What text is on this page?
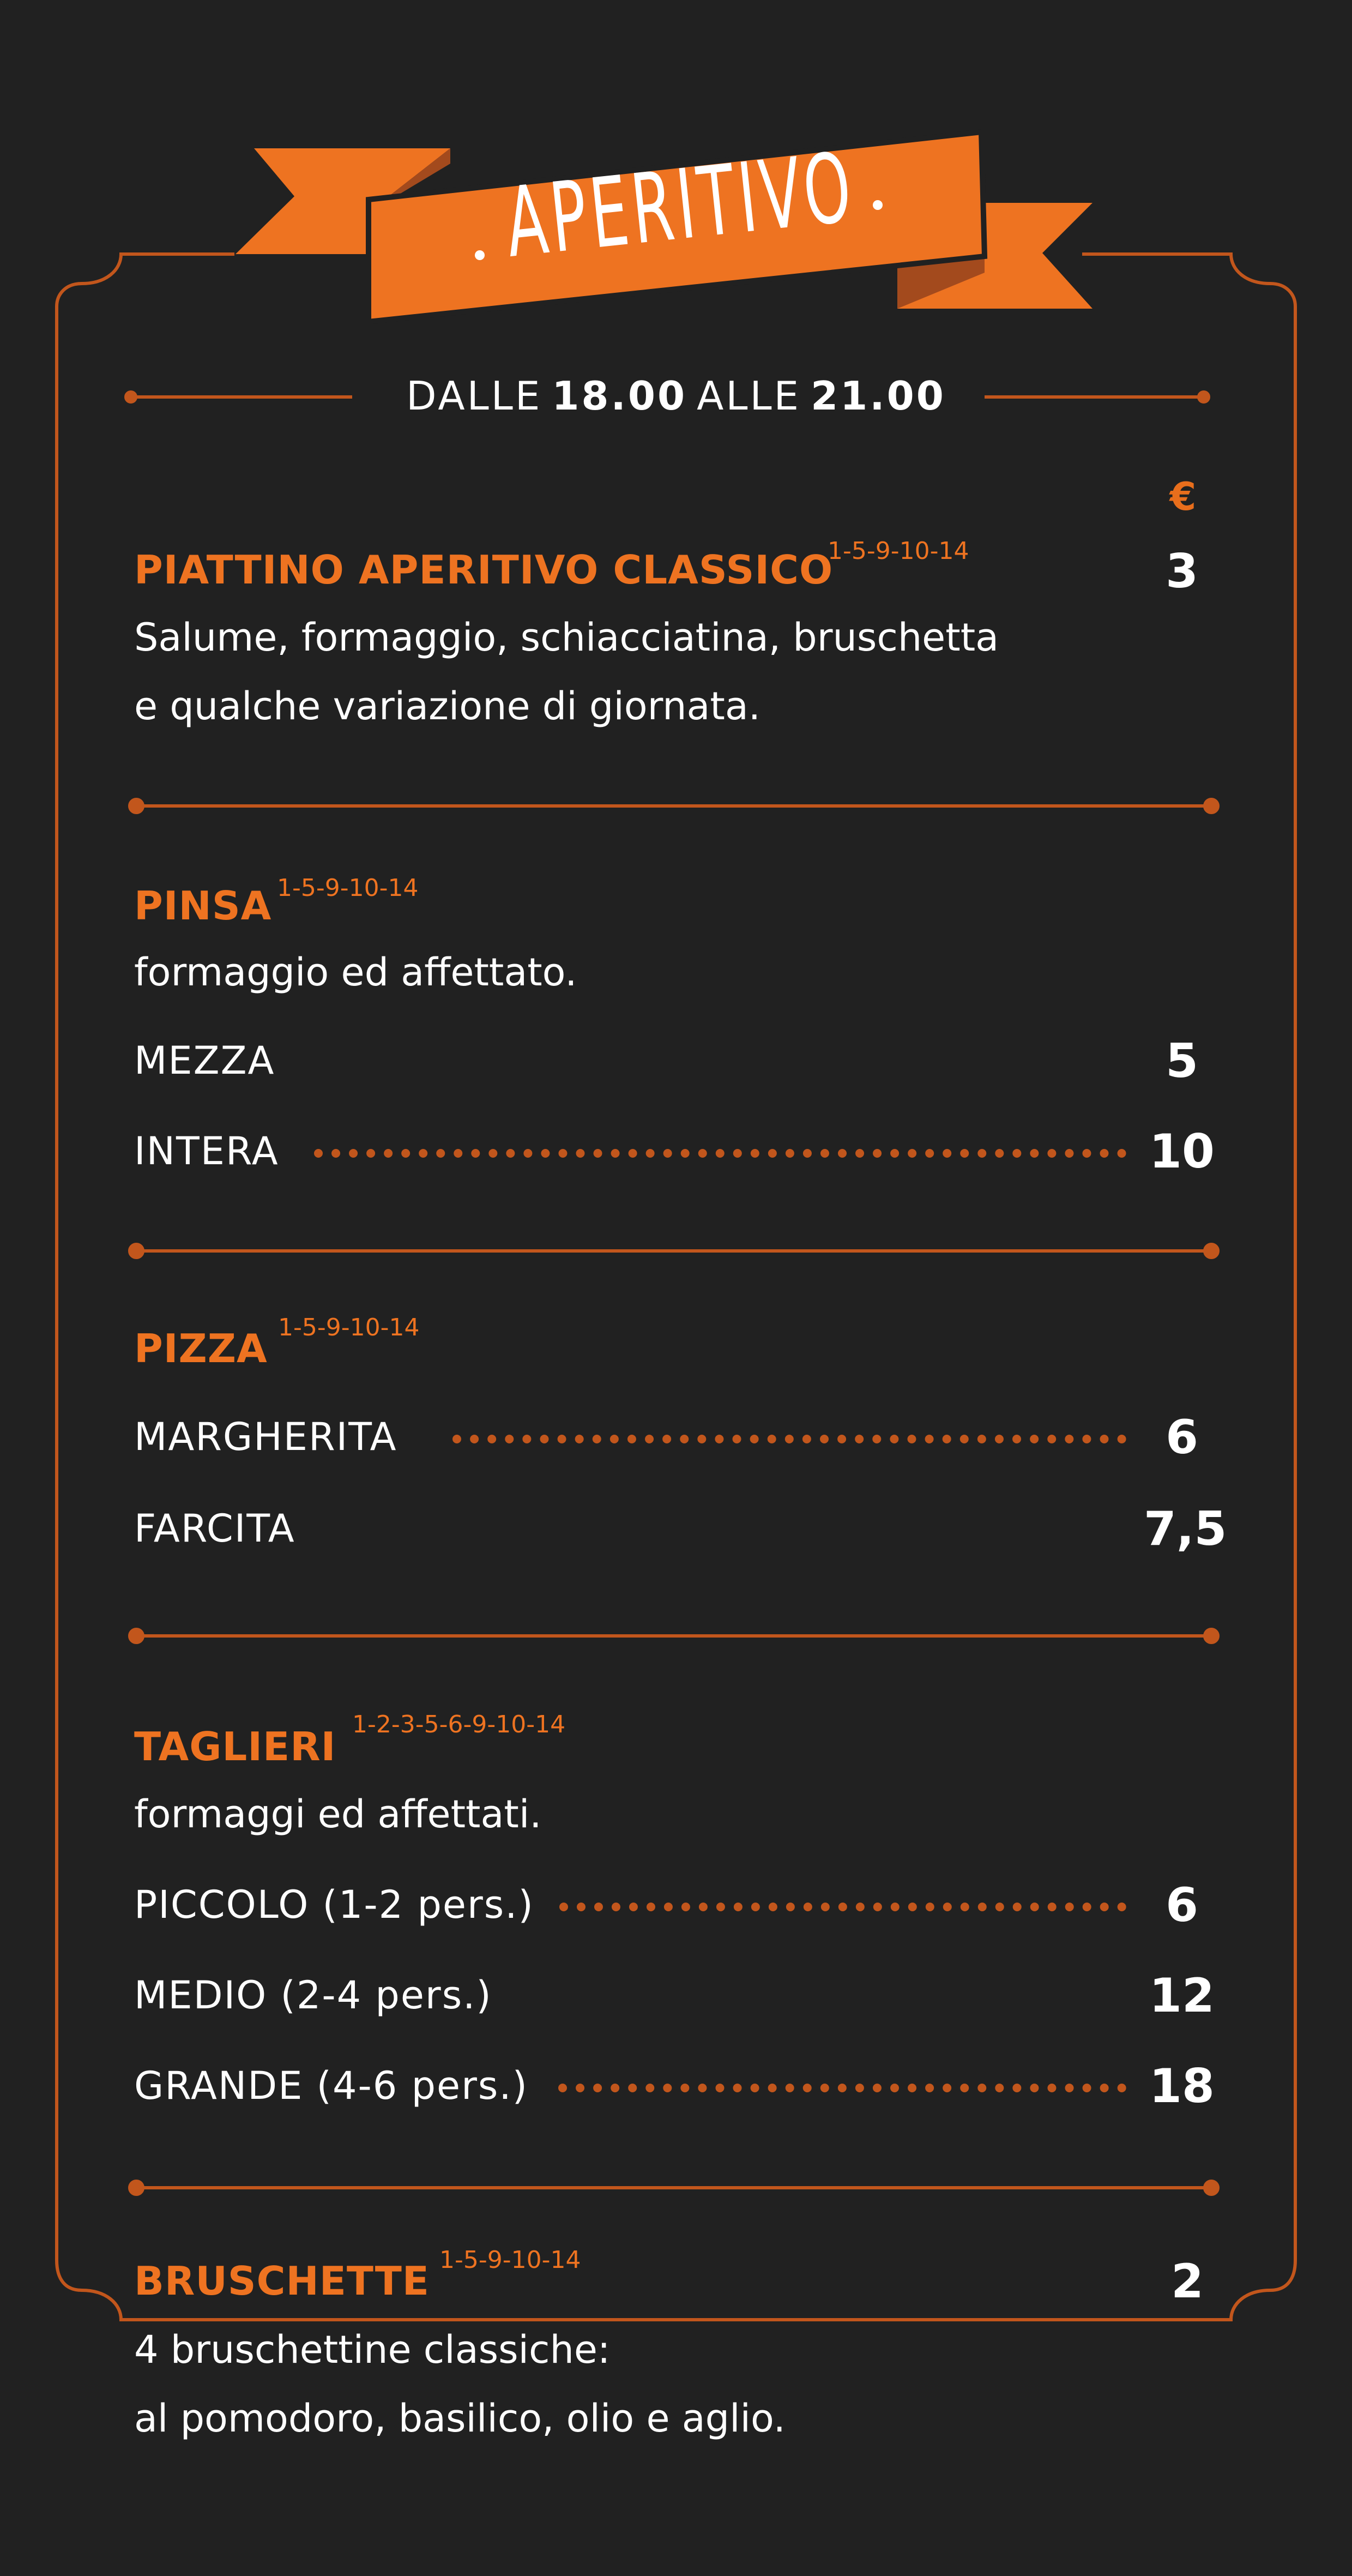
APERITIVO
DALLE 18.00 ALLE 21.00
€
PIATTINO APERITIVO CLASSICO
1-5-9-10-14	3
Salume, formaggio, schiacciatina, bruschetta
e qualche variazione di giornata.
PINSA 1-5-9-10-14
formaggio ed affettato.
MEZZA	5
INTERA	10
PIZZA 1-5-9-10-14
MARGHERITA	6
FARCITA	7,5
TAGLIERI 1-2-3-5-6-9-10-14
formaggi ed affettati.
PICCOLO (1-2 pers.)	6
MEDIO (2-4 pers.)	12
GRANDE (4-6 pers.)	18
BRUSCHETTE 1-5-9-10-14	2
4 bruschettine classiche:
al pomodoro, basilico, olio e aglio.
